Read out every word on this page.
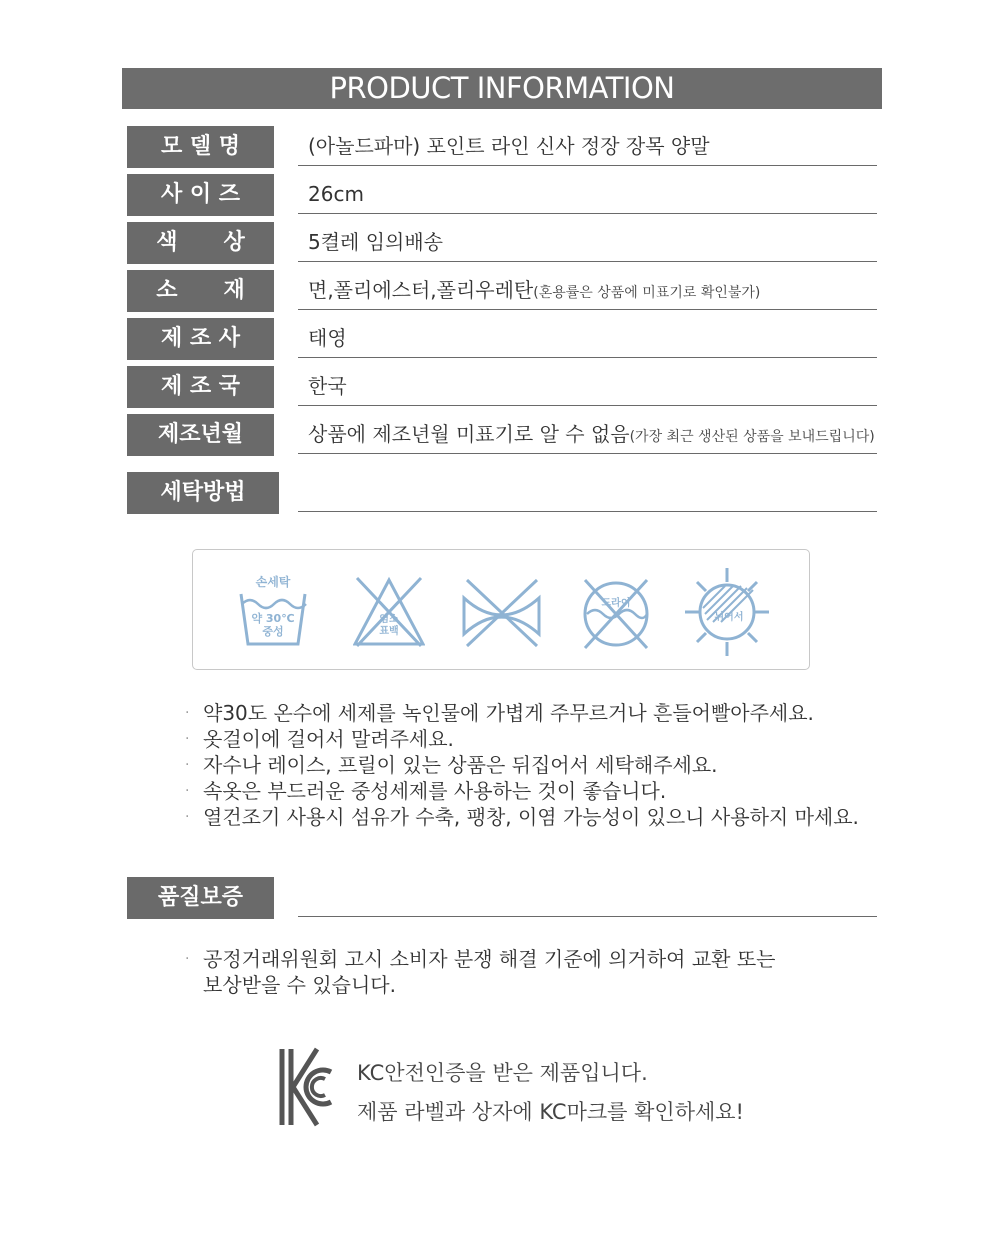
PRODUCT INFORMATION
모 델 명	(아놀드파마) 포인트 라인 신사 정장 장목 양말
사 이 즈	26cm
색      상	5켤레 임의배송
소      재	면,폴리에스터,폴리우레탄(혼용률은 상품에 미표기로 확인불가)
제 조 사	태영
제 조 국	한국
제조년월	상품에 제조년월 미표기로 알 수 없음(가장 최근 생산된 상품을 보내드립니다)
세탁방법
손세탁
약 30℃
중성
염소
표백
드라이
뉘어서
· 약30도 온수에 세제를 녹인물에 가볍게 주무르거나 흔들어빨아주세요.
· 옷걸이에 걸어서 말려주세요.
· 자수나 레이스, 프릴이 있는 상품은 뒤집어서 세탁해주세요.
· 속옷은 부드러운 중성세제를 사용하는 것이 좋습니다.
· 열건조기 사용시 섬유가 수축, 팽창, 이염 가능성이 있으니 사용하지 마세요.
품질보증
· 공정거래위원회 고시 소비자 분쟁 해결 기준에 의거하여 교환 또는
보상받을 수 있습니다.
KC안전인증을 받은 제품입니다.
제품 라벨과 상자에 KC마크를 확인하세요!
